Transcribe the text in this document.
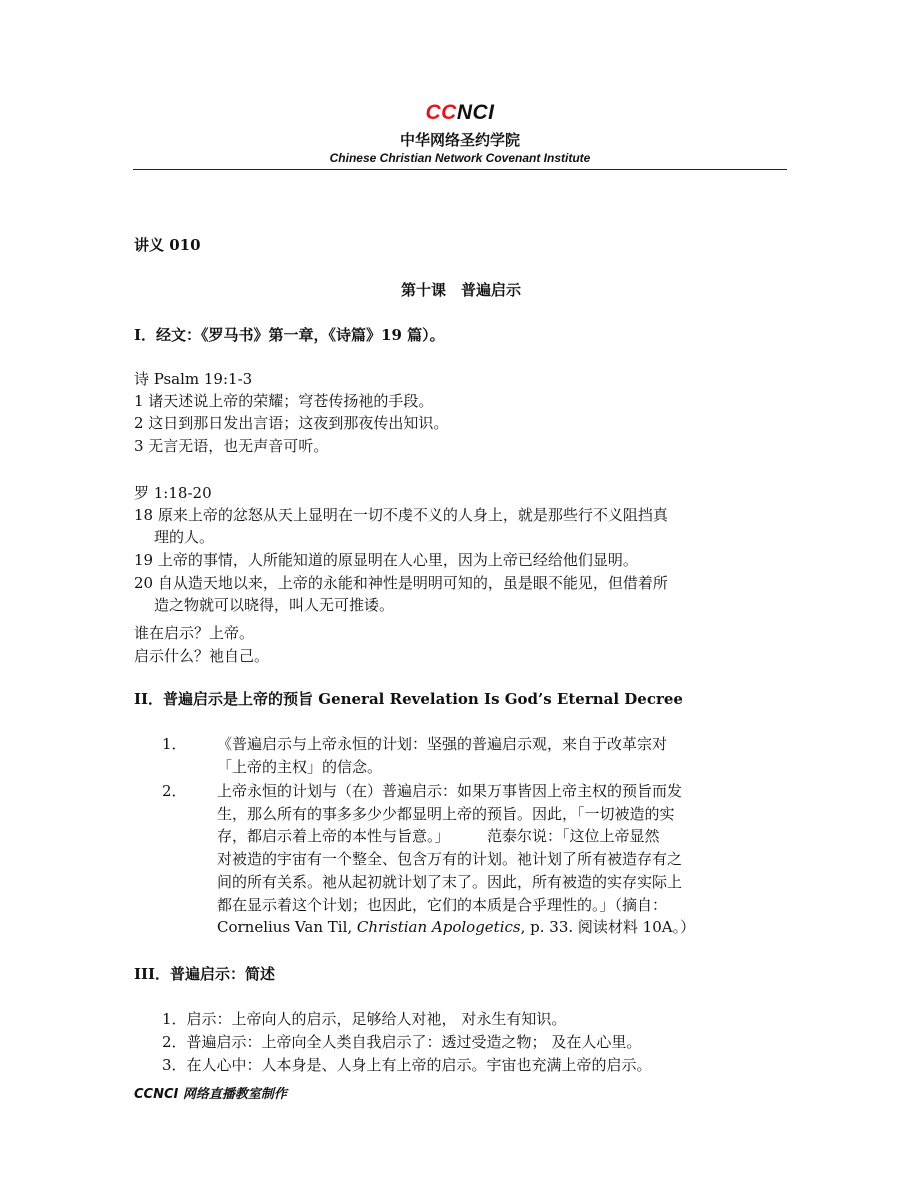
CCNCI
中华网络圣约学院
Chinese Christian Network Covenant Institute
讲义 010
第十课　普遍启示
I．经文：《罗马书》第一章，《诗篇》19 篇）。
诗 Psalm 19:1-3
1 诸天述说上帝的荣耀；穹苍传扬祂的手段。
2 这日到那日发出言语；这夜到那夜传出知识。
3 无言无语，也无声音可听。
罗 1:18-20
18 原来上帝的忿怒从天上显明在一切不虔不义的人身上，就是那些行不义阻挡真
理的人。
19 上帝的事情，人所能知道的原显明在人心里，因为上帝已经给他们显明。
20 自从造天地以来，上帝的永能和神性是明明可知的，虽是眼不能见，但借着所
造之物就可以晓得，叫人无可推诿。
谁在启示？上帝。
启示什么？祂自己。
II．普遍启示是上帝的预旨 General Revelation Is God’s Eternal Decree
1． 《普遍启示与上帝永恒的计划：坚强的普遍启示观，来自于改革宗对
「上帝的主权」的信念。
2． 上帝永恒的计划与（在）普遍启示：如果万事皆因上帝主权的预旨而发
生，那么所有的事多多少少都显明上帝的预旨。因此，「一切被造的实
存，都启示着上帝的本性与旨意。」　　　范泰尔说：「这位上帝显然
对被造的宇宙有一个整全、包含万有的计划。祂计划了所有被造存有之
间的所有关系。祂从起初就计划了末了。因此，所有被造的实存实际上
都在显示着这个计划；也因此，它们的本质是合乎理性的。」（摘自：
Cornelius Van Til, Christian Apologetics, p. 33. 阅读材料 10A。）
III．普遍启示：简述
1．启示：上帝向人的启示，足够给人对祂， 对永生有知识。
2．普遍启示：上帝向全人类自我启示了：透过受造之物； 及在人心里。
3．在人心中：人本身是、人身上有上帝的启示。宇宙也充满上帝的启示。
CCNCI 网络直播教室制作
